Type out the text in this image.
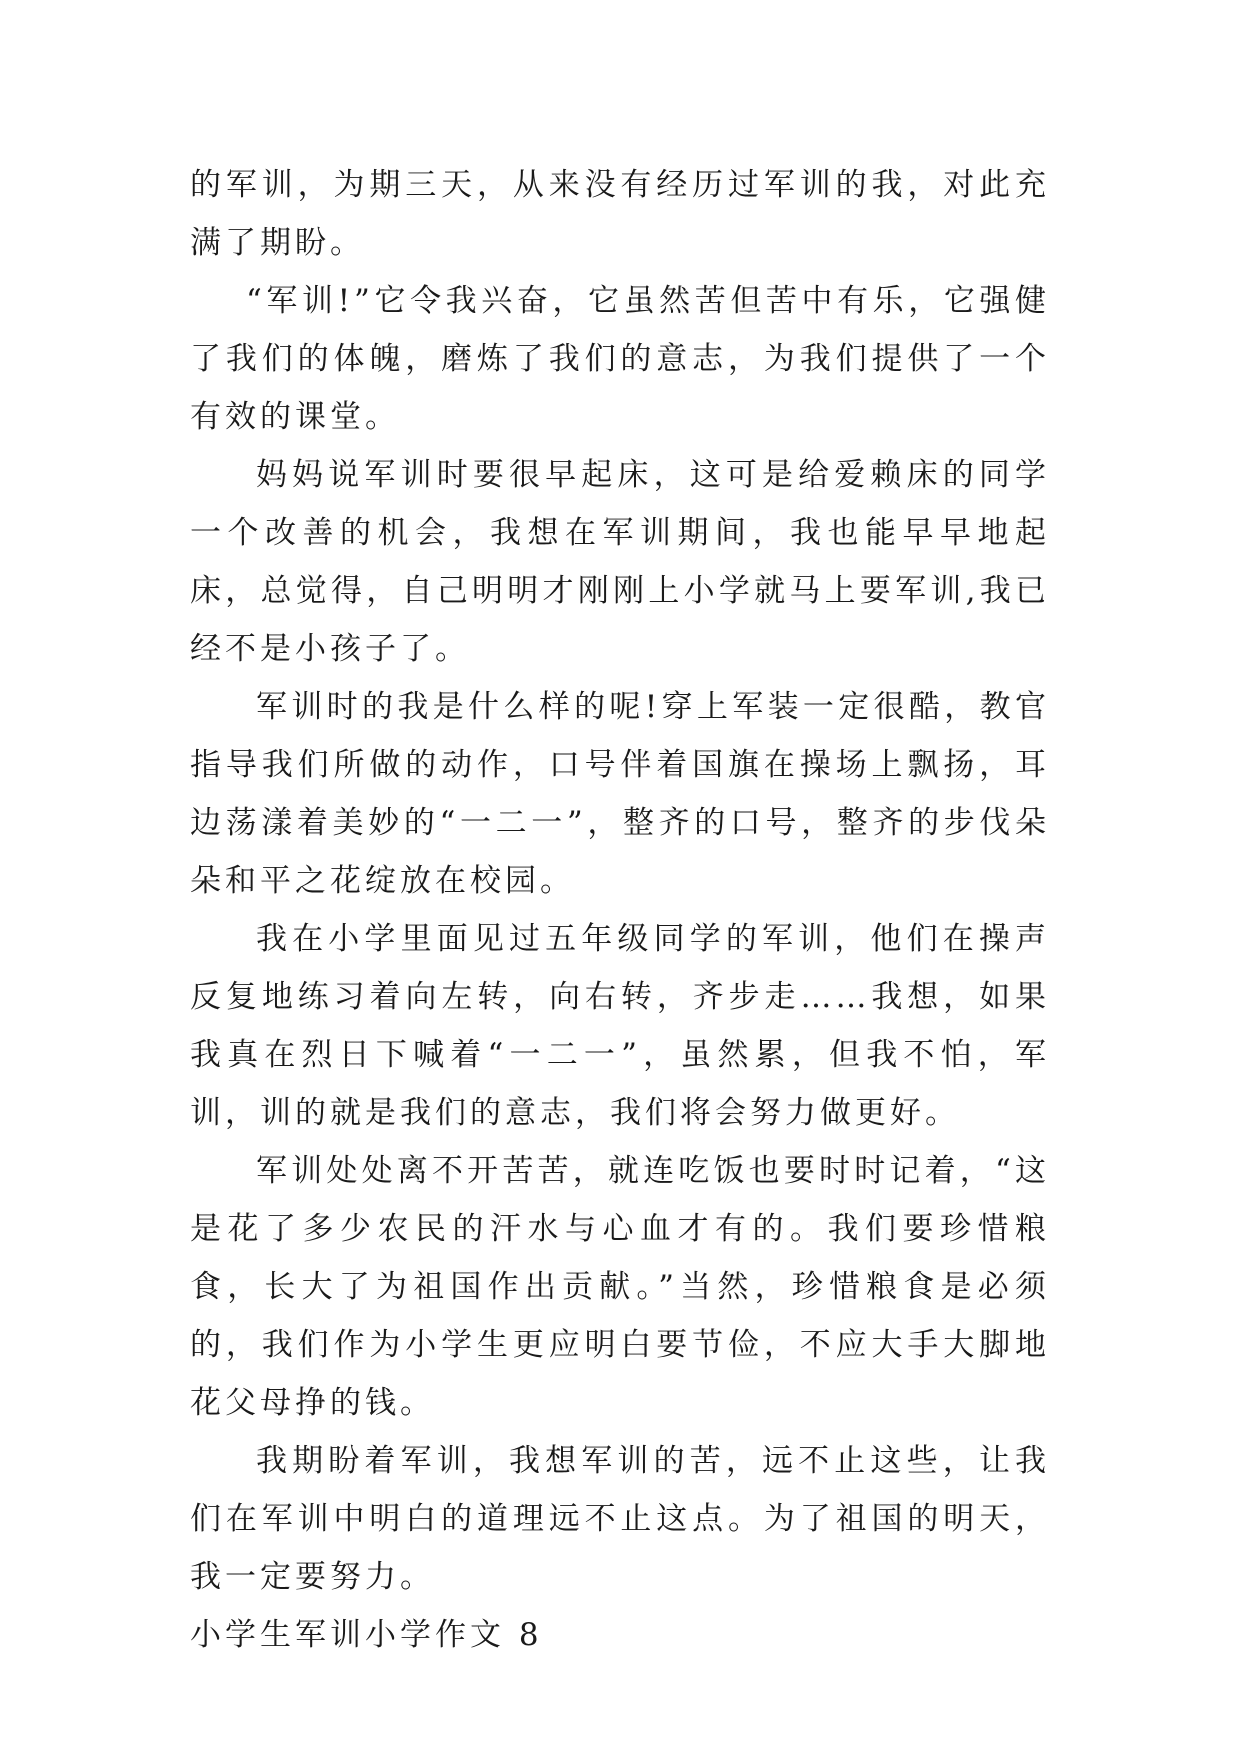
的军训，为期三天，从来没有经历过军训的我，对此充满了期盼。

“军训!”它令我兴奋，它虽然苦但苦中有乐，它强健了我们的体魄，磨炼了我们的意志，为我们提供了一个有效的课堂。

妈妈说军训时要很早起床，这可是给爱赖床的同学一个改善的机会，我想在军训期间，我也能早早地起床，总觉得，自己明明才刚刚上小学就马上要军训,我已经不是小孩子了。

军训时的我是什么样的呢!穿上军装一定很酷，教官指导我们所做的动作，口号伴着国旗在操场上飘扬，耳边荡漾着美妙的“一二一”，整齐的口号，整齐的步伐朵朵和平之花绽放在校园。

我在小学里面见过五年级同学的军训，他们在操声反复地练习着向左转，向右转，齐步走……我想，如果我真在烈日下喊着“一二一”，虽然累，但我不怕，军训，训的就是我们的意志，我们将会努力做更好。

军训处处离不开苦苦，就连吃饭也要时时记着，“这是花了多少农民的汗水与心血才有的。我们要珍惜粮食，长大了为祖国作出贡献。”当然，珍惜粮食是必须的，我们作为小学生更应明白要节俭，不应大手大脚地花父母挣的钱。

我期盼着军训，我想军训的苦，远不止这些，让我们在军训中明白的道理远不止这点。为了祖国的明天，我一定要努力。

小学生军训小学作文 8
